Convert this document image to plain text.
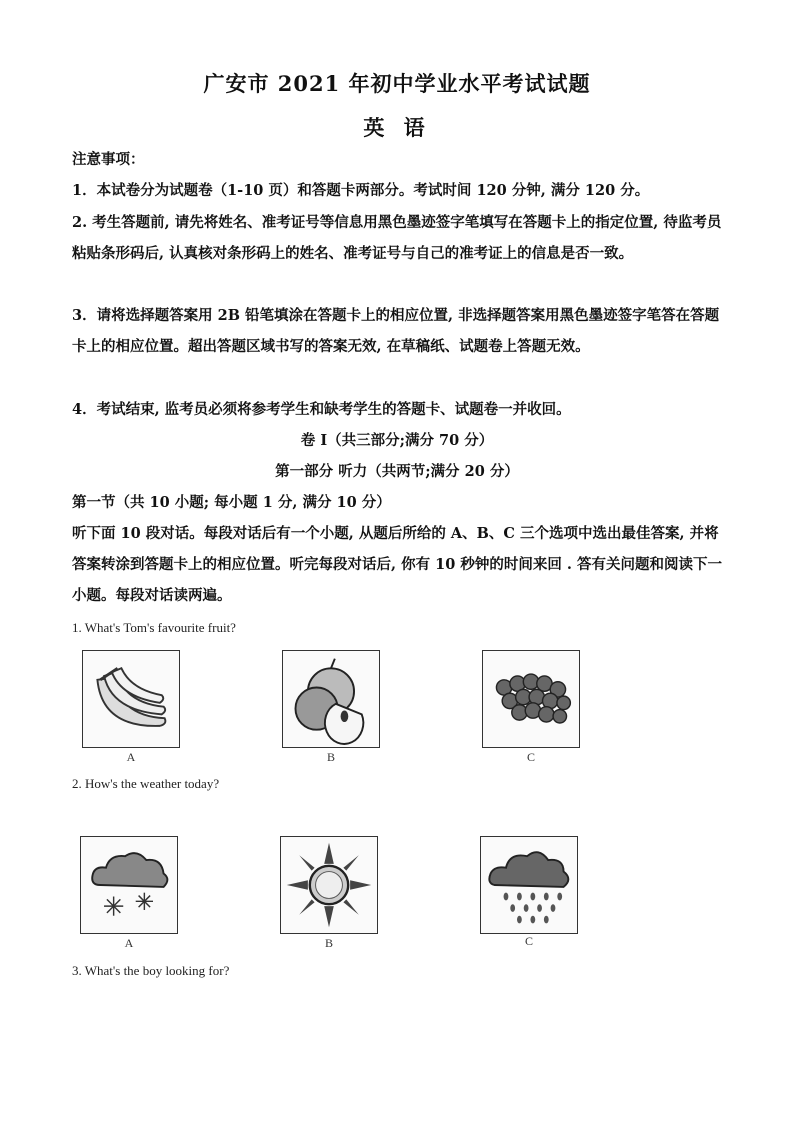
广安市 2021 年初中学业水平考试试题
英 语
注意事项：
1．本试卷分为试题卷（1-10 页）和答题卡两部分。考试时间 120 分钟, 满分 120 分。
2. 考生答题前, 请先将姓名、准考证号等信息用黑色墨迹签字笔填写在答题卡上的指定位置, 待监考员粘贴条形码后, 认真核对条形码上的姓名、准考证号与自己的准考证上的信息是否一致。
3．请将选择题答案用 2B 铅笔填涂在答题卡上的相应位置, 非选择题答案用黑色墨迹签字笔答在答题卡上的相应位置。超出答题区域书写的答案无效, 在草稿纸、试题卷上答题无效。
4．考试结束, 监考员必须将参考学生和缺考学生的答题卡、试题卷一并收回。
卷 I（共三部分;满分 70 分）
第一部分 听力（共两节;满分 20 分）
第一节（共 10 小题; 每小题 1 分, 满分 10 分）
听下面 10 段对话。每段对话后有一个小题, 从题后所给的 A、B、C 三个选项中选出最佳答案, 并将答案转涂到答题卡上的相应位置。听完每段对话后, 你有 10 秒钟的时间来回 . 答有关问题和阅读下一小题。每段对话读两遍。
1. What's Tom's favourite fruit?
A	B	C
2. How's the weather today?
A	B	C
3. What's the boy looking for?
